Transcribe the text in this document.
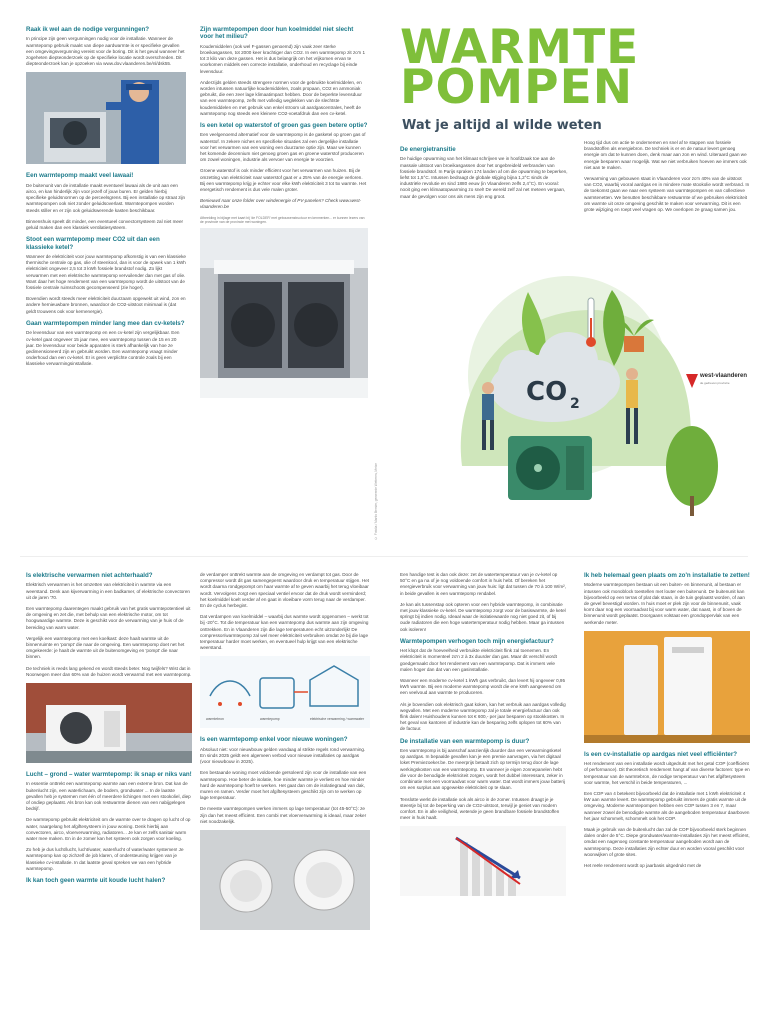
Raak ik wel aan de nodige vergunningen?
In principe zijn geen vergunningen nodig voor de installatie. Wanneer de warmtepomp gebruik maakt van diepe aardwarmte is er specifieke gevallen een omgevingsvergunning vereist voor de boring. Dit is het geval wanneer het zogeheten diepteonderzoek op de specifieke locatie wordt overschreden. Dit diepteonderzoek kan je opzoeken via www.dov.vlaanderen.be/nl/dsk55.
Een warmtepomp maakt veel lawaai!
De buitenunit van de installatie maakt eventueel lawaai als de unit aan een airco, en kan hinderlijk zijn voor jezelf of jouw buren. Er gelden hierbij specifieke geluidsnormen op de perceelsgrens. Bij een installatie op straat zijn warmtepompen ook niet zonder geluidsoverlast. Warmtepompen worden steeds stiller en er zijn ook geluidswerende kasten beschikbaar.
Binnenshuis speelt dit minder, een eventueel convectorsysteem zal niet meer geluid maken dan een klassiek ventilatiesysteem.
Stoot een warmtepomp meer CO2 uit dan een klassieke ketel?
Wanneer de elektriciteit voor jouw warmtepomp afkomstig is van een klassieke thermische centrale op gas, olie of steenkool, dan is voor de opwek van 1 kWh elektriciteit ongeveer 2,5 tot 3 kWh fossiele brandstof nodig. Zo lijkt verwarmen met een elektrische warmtepomp vervuilender dan met gas of olie. Want daar het hoge rendement van een warmtepomp wordt de uitstoot van de fossiele centrale ruimschoots gecompenseerd (zie hoger).
Bovendien wordt steeds meer elektriciteit duurzaam opgewekt uit wind, zon en andere hernieuwbare bronnen, waardoor de CO2-uitstoot minimaal is (dat geldt trouwens ook voor kernenergie).
Gaan warmtepompen minder lang mee dan cv-ketels?
De levensduur van een warmtepomp en een cv-ketel zijn vergelijkbaar. Een cv-ketel gaat ongeveer 15 jaar mee, een warmtepomp tussen de 15 en 20 jaar. De levensduur voor beide apparaten is sterk afhankelijk van hoe ze gedimensioneerd zijn en gebruikt worden. Een warmtepomp vraagt minder onderhoud dan een cv-ketel. Er is geen verplichte controle zoals bij een klassieke verwarmingsinstallatie.
Zijn warmtepompen door hun koelmiddel niet slecht voor het milieu?
Koudemiddelen (ook wel F-gassen genoemd) zijn vaak zeer sterke broeikasgassen, tot 2000 keer krachtiger dan CO2. In een warmtepomp zit zo'n 1 tot 3 kilo van deze gassen. Het is dus belangrijk om het vrijkomen ervan te voorkomen middels een correcte installatie, onderhoud en recyclage bij einde levensduur.
Anderzijds gelden steeds strengere normen voor de gebruikte koelmiddelen, en worden intussen natuurlijke koudemiddelen, zoals propaan, CO2 en ammoniak gebruikt, die een zeer lage klimaatimpact hebben. Door de beperkte levensduur van een warmtepomp, zelfs met volledig weglekken van de slechtste koudemiddelen en met gebruik van enkel stroom uit aardgascentrales, heeft de warmtepomp nog steeds een kleinere CO2-voetafdruk dan een cv-ketel.
Is een ketel op waterstof of groen gas geen betere optie?
Een veelgenoemd alternatief voor de warmtepomp is de gasketel op groen gas of waterstof. In zekere niches en specifieke situaties zal een dergelijke installatie voor het verwarmen van een woning een duurzame optie zijn. Maar we kunnen het komende decennium niet genoeg groen gas en groene waterstof produceren om zowel woningen, industrie als vervoer van energie te voorzien.
Groene waterstof is ook minder efficiënt voor het verwarmen van huizen. Bij de omzetting van elektriciteit naar waterstof gaat er ± 25% van de energie verloren. Bij een warmtepomp krijg je echter voor elke kWh elektriciteit 3 tot 5x warmte. Het energetisch rendement is dus vele malen groter.
Benieuwd naar onze folder over windenergie of PV-panelen? Check www.west-vlaanderen.be
Afbeelding in bijlage met kaart bij 'de FOLDER' met gebouwenstructuur en kenmerken... er kunnen lezers van de provincie van de provincie met woningen.
© Fotolia / Martin Bernier, gemeente Wetteren, Meise
WARMTE
POMPEN
Wat je altijd al wilde weten
De energietransitie
De huidige opwarming van het klimaat schrijven we in hoofdzaak toe aan de massale uitstoot van broeikasgassen door het ongebreideld verbranden van fossiele brandstof. In Parijs spraken 174 landen af om die opwarming te beperken, liefst tot 1,5°C. Intussen bedraagt de globale stijging bijna 1,2°C sinds de industriële revolutie en sind 1880 eeuw (in Vlaanderen zelfs 2,4°C). En vooral: nooit ging een klimaatopwarming zo snel! De wereld zelf zal net meteen vergaan, maar de gevolgen voor ons als mens zijn eng groot.
Hoog tijd dus om actie te ondernemen en snel af te stappen van fossiele brandstoffen als energiebron. De techniek is er en de natuur levert genoeg energie om dat te kunnen doen, denk maar aan zon en wind. Uiteraard gaan we energie besparen waar mogelijk. Wat we niet verbruiken hoeven we immers ook niet aan te maken.
Verwarming van gebouwen staat in Vlaanderen voor zo'n 40% van de uitstoot van CO2, waarbij vooral aardgas en in mindere mate stookolie wordt verbrand. In de toekomst gaan we naar een systeem van warmtepompen en van collectieve warmtenetten. We benutten beschikbare restwarmte of we gebruiken elektriciteit om warmte uit onze omgeving geschikt te maken voor verwarming. Dit is een grote wijziging en roept veel vragen op. We overlopen ze graag samen jou.
CO 2
west-vlaanderen
de gedreven provincie
Is elektrische verwarmen niet achterhaald?
Elektrisch verwarmen is het omzetten van elektriciteit in warmte via een weerstand. Denk aan kijverwarming in een badkamer, of elektrische convectoren uit de jaren '70.
Een warmtepomp daarentegen maakt gebruik van het gratis warmtepotentieel uit de omgeving en zet die, met behulp van een elektrische motor, om tot hoogwaardige warmte. Deze is geschikt voor de verwarming van je huis of de bereiding van warm water.
Vergelijk een warmtepomp met een koelkast: deze haalt warmte uit de binnenruimte en 'pompt' die naar de omgeving. Een warmtepomp doet net het omgekeerde: je haalt de warmte uit de buitenomgeving en 'pompt' die naar binnen.
De techniek is reeds lang gekend en wordt steeds beter. Nog twijfels? Wist dat in Noorwegen meer dan 60% van de huizen wordt verwarmd met een warmtepomp.
Lucht – grond – water warmtepomp: ik snap er niks van!
In essentie onttrekt een warmtepomp warmte aan een externe bron. Dat kan de buitenlucht zijn, een waterlichaam, de bodem, grondwater ... In de laatste gevallen heb je systemen met één of meerdere lichingen met een stookoliel, diep of ondiep geplaatst. Als bron kan ook restwarmte dienen van een nabijgelegen bedrijf.
De warmtepomp gebruikt elektriciteit om de warmte over te dragen op lucht of op water, naargelang het afgiftesysteem in jouw woning. Denk hierbij aan convectoren, airco, vloerverwarming, radiatoren... Je kan er zelfs sanitair warm water mee maken. En in de zomer kan het systeem ook zorgen voor koeling.
Zo heb je dus lucht/lucht, lucht/water, water/lucht of water/water systemen! Je warmtepomp kan op zichzelf de job klaren, of ondersteuning krijgen van je klassieke cv-installatie. In dat laatste geval spreken we van een hybride warmtepomp.
Ik kan toch geen warmte uit koude lucht halen?
de verdamper onttrekt warmte aan de omgeving en verdampt tot gas. Door de compressor wordt dit gas samengeperst waardoor druk en temperatuur stijgen. Het wordt daarna rondgepompt om haar warmte af te geven waarbij het terug vloeibaar wordt. Vervolgens zorgt een speciaal ventiel ervoor dat de druk wordt verminderd; het koelmiddel koelt verder af en gaat in vloeibare vorm terug naar de verdamper. En de cyclus herbegint.
Dat verdampen van koelmiddel – waarbij dus warmte wordt opgenomen – werkt tot bij -20°C. Tot die temperatuur kan een warmtepomp dus warmte aan zijn omgeving onttrekken. En in Vlaanderen zijn die lage temperaturen echt uitzonderlijk! De compressor/warmtepomp zal wel meer elektriciteit verbruiken omdat ze bij die lage temperatuur harder moet werken, en eventueel hulp krijgt van een elektrische weerstand.
warmtebron	warmtepomp	elektrische verwarming / warmwater
Is een warmtepomp enkel voor nieuwe woningen?
Absoluut niet: voor nieuwbouw gelden vandaag al strikte regels rond verwarming. En sinds 2025 geldt een algemeen verbod voor nieuwe installaties op aardgas (voor nieuwbouw in 2025).
Een bestaande woning moet voldoende geïsoleerd zijn voor de installatie van een warmtepomp. Hoe beter de isolatie, hoe minder warmte je verliest en hoe minder hard de warmtepomp hoeft te werken. Het gaat dan om de isolatiegraad van dak, muren en ramen. Verder moet het afgiftesysteem geschikt zijn om te werken op lage temperatuur.
De meeste warmtepompen werken immers op lage temperatuur (tot 45-50°C): ze zijn dan het meest efficiënt. Een combi met vloerverwarming is ideaal, maar zeker niet noodzakelijk.
Een handige test is dan ook deze: zet de watertemperatuur van je cv-ketel op 50°C en ga na of je nog voldoende comfort in huis hebt. Of bereken het energieverbruik voor verwarming van jouw huis: ligt dat tussen de 70 à 100 W/m², in beide gevallen is een warmtepomp rendabel.
Je kan als tussenstap ook opteren voor een hybride warmtepomp, in combinatie met jouw klassieke cv-ketel. De warmtepomp zorgt voor de basiswarmte, de ketel springt bij indien nodig. Ideaal waar de isolatiewaarde nog niet goed zit, of bij oude radiatoren die een hoge watertemperatuur nodig hebben. Maar ga intussen ook isoleren!
Warmtepompen verhogen toch mijn energiefactuur?
Het klopt dat de hoeveelheid verbruikte elektriciteit flink zal toenemen. En elektriciteit is momenteel zo'n 2 à 3x duurder dan gas. Maar dit verschil wordt goedgemaakt door het rendement van een warmtepomp. Dat is immers vele malen hoger dan dat van een gasinstallatie.
Wanneer een moderne cv-ketel 1 kWh gas verbruikt, dan levert hij ongeveer 0,95 kWh warmte. Bij een moderne warmtepomp wordt die ene kWh aangewend om een veelvoud aan warmte te produceren.
Als je bovendien ook elektrisch gaat koken, kan het verbruik aan aardgas volledig wegvallen. Met een moderne warmtepomp zal je totale energiefactuur dan ook flink dalen! Huishoudens kunnen tot € 600,- per jaar besparen op stookkosten. In het geval van kantoren of industrie kan de besparing zelfs oplopen tot 60% van de factuur.
De installatie van een warmtepomp is duur?
Een warmtepomp is bij aanschaf aanzienlijk duurder dan een verwarmingsketel op aardgas. In bepaalde gevallen kan je een premie aanvragen, via het digitaal loket Premiezoeker.be. De meerprijs betaalt zich op termijn terug door de lage werkingskosten van een warmtepomp. En wanneer je eigen zonnepanelen hebt die voor de benodigde elektriciteit zorgen, wordt het dubbel interessant, zeker in combinatie met een voorraadvat voor warm water. Dat wordt immers jouw batterij om een surplus aan opgewekte elektriciteit op te slaan.
Tenslotte werkt de installatie ook als airco in de zomer. Intussen draagt je je steentje bij tot de beperking van de CO2-uitstoot, terwijl je geniet van modern comfort. En in alle veiligheid, wetende je geen brandbare fossiele brandstoffen meer in huis haalt.
Ik heb helemaal geen plaats om zo'n installatie te zetten!
Moderne warmtepompen bestaan uit een buiten- en binnenunit, al bestaan er intussen ook monoblock toestellen met louter een buitenunit. De buitenunit kan bijvoorbeeld op een terras of plat dak staan, in de tuin geplaatst worden, of aan de gevel bevestigd worden. In huis moet er plek zijn voor de binnenunit, vaak komt daar nog een voorraadvat bij voor warm water, dat naast, in of boven de binnenunit wordt geplaatst. Doorgaans volstaat een grondoppervlak van een werkende meter.
Is een cv-installatie op aardgas niet veel efficiënter?
Het rendement van een installatie wordt uitgedrukt met het getal COP (coëfficiënt of performance). Dit theoretisch rendement hangt af van diverse factoren: type en temperatuur van de warmtebron, de nodige temperatuur van het afgiftesysteem voor warmte, het verschil in beide temperaturen, ...
Een COP van 4 betekent bijvoorbeeld dat de installatie met 1 kWh elektriciteit 4 kW aan warmte levert. De warmtepomp gebruikt immers de gratis warmte uit de omgeving. Moderne warmtepompen hebben een COP tussen 3 en 7, maar wanneer zowel de benodigde warmte als de aangeboden temperatuur daarboven het jaar schommelt, schommelt ook het COP.
Maak je gebruik van de buitenlucht dan zal de COP bijvoorbeeld sterk beginnen dalen onder de 5°C. Diepe grondwater/warmte-installaties zijn het meest efficiënt, omdat een nagenoeg constante temperatuur aangeboden wordt aan de warmtepomp. Deze installaties zijn echter duur en worden vooral geschikt voor woonwijken of grote sites.
Het reële rendement wordt op jaarbasis uitgedrukt met de
